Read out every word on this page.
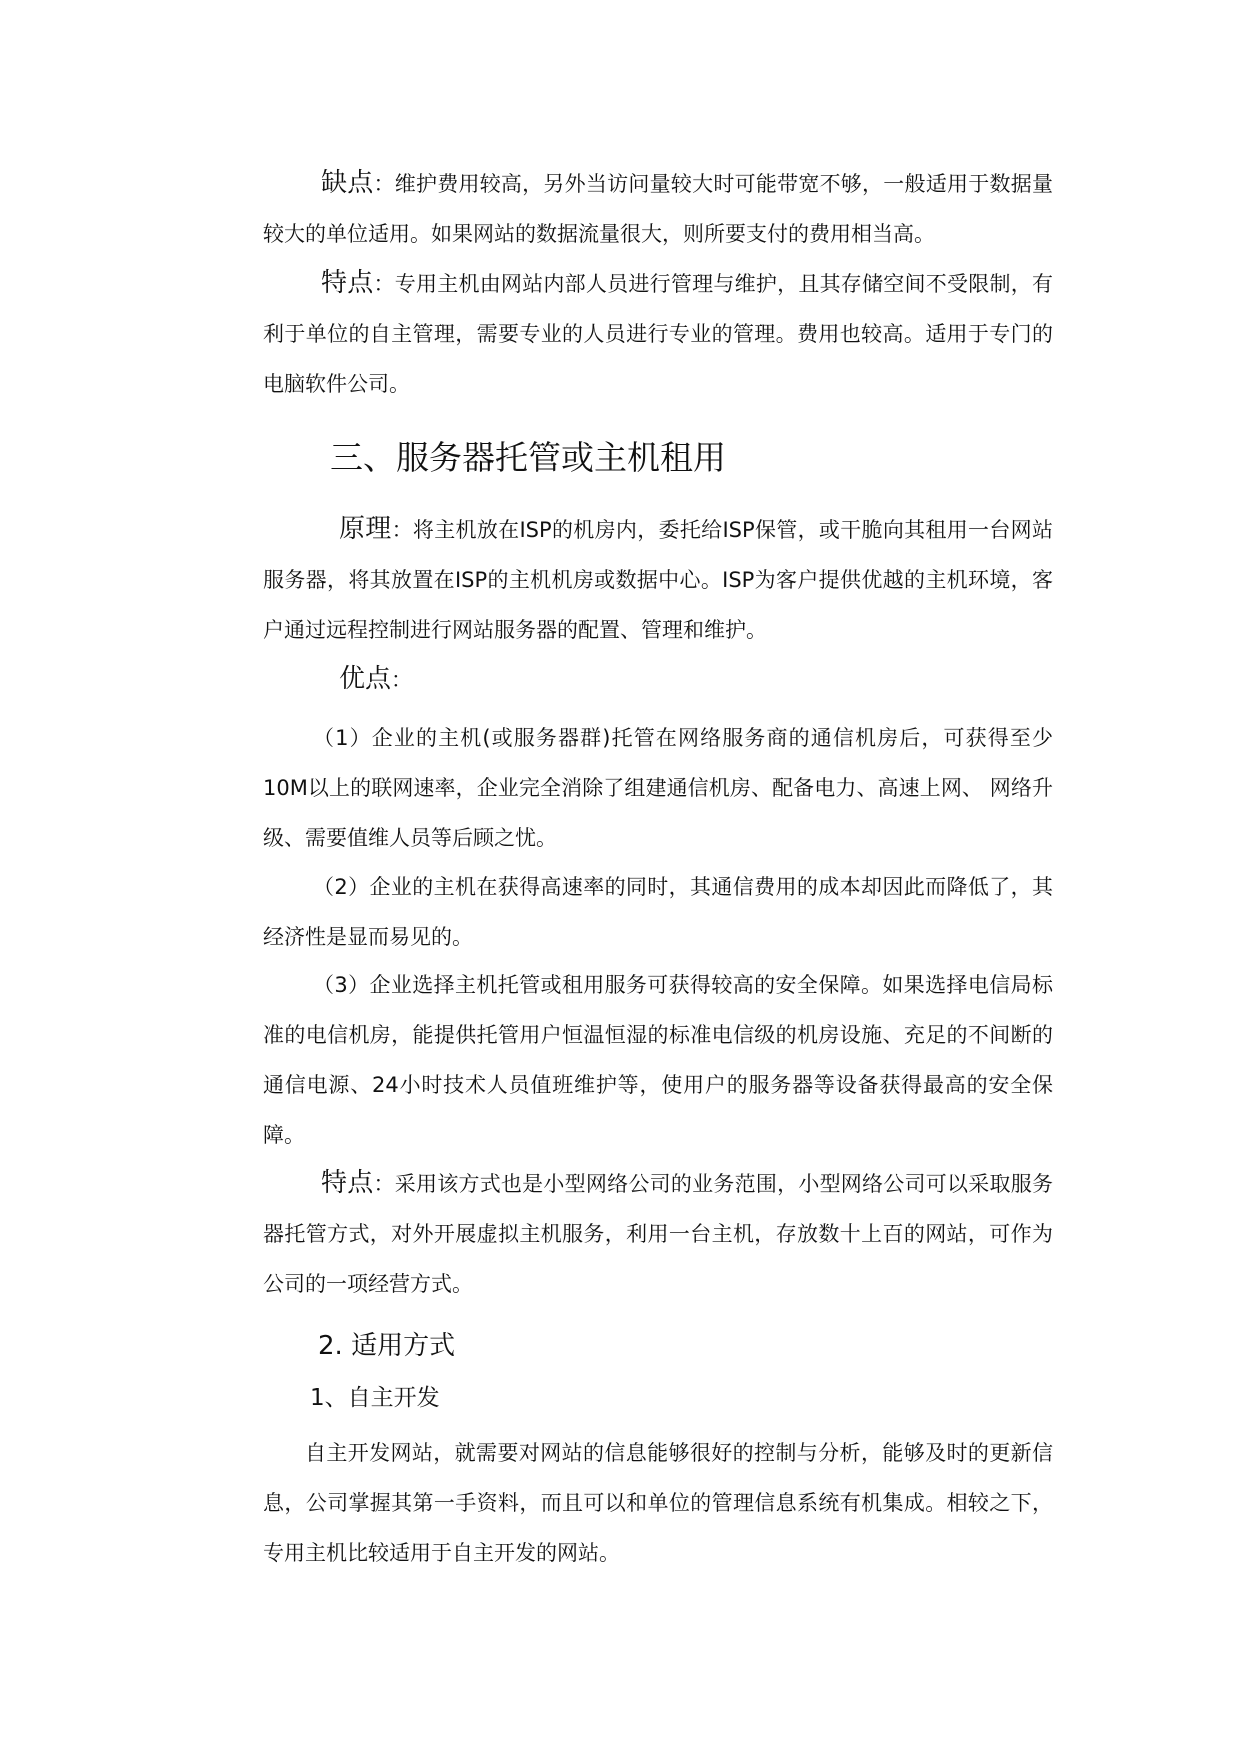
缺点：维护费用较高，另外当访问量较大时可能带宽不够，一般适用于数据量较大的单位适用。如果网站的数据流量很大，则所要支付的费用相当高。

特点：专用主机由网站内部人员进行管理与维护，且其存储空间不受限制，有利于单位的自主管理，需要专业的人员进行专业的管理。费用也较高。适用于专门的电脑软件公司。

三、服务器托管或主机租用

原理：将主机放在ISP的机房内，委托给ISP保管，或干脆向其租用一台网站服务器，将其放置在ISP的主机机房或数据中心。ISP为客户提供优越的主机环境，客户通过远程控制进行网站服务器的配置、管理和维护。

优点：

（1）企业的主机(或服务器群)托管在网络服务商的通信机房后，可获得至少10M以上的联网速率，企业完全消除了组建通信机房、配备电力、高速上网、 网络升级、需要值维人员等后顾之忧。

（2）企业的主机在获得高速率的同时，其通信费用的成本却因此而降低了，其经济性是显而易见的。

（3）企业选择主机托管或租用服务可获得较高的安全保障。如果选择电信局标准的电信机房，能提供托管用户恒温恒湿的标准电信级的机房设施、充足的不间断的通信电源、24小时技术人员值班维护等，使用户的服务器等设备获得最高的安全保障。

特点：采用该方式也是小型网络公司的业务范围，小型网络公司可以采取服务器托管方式，对外开展虚拟主机服务，利用一台主机，存放数十上百的网站，可作为公司的一项经营方式。

2. 适用方式
1、自主开发

自主开发网站，就需要对网站的信息能够很好的控制与分析，能够及时的更新信息，公司掌握其第一手资料，而且可以和单位的管理信息系统有机集成。相较之下，专用主机比较适用于自主开发的网站。
